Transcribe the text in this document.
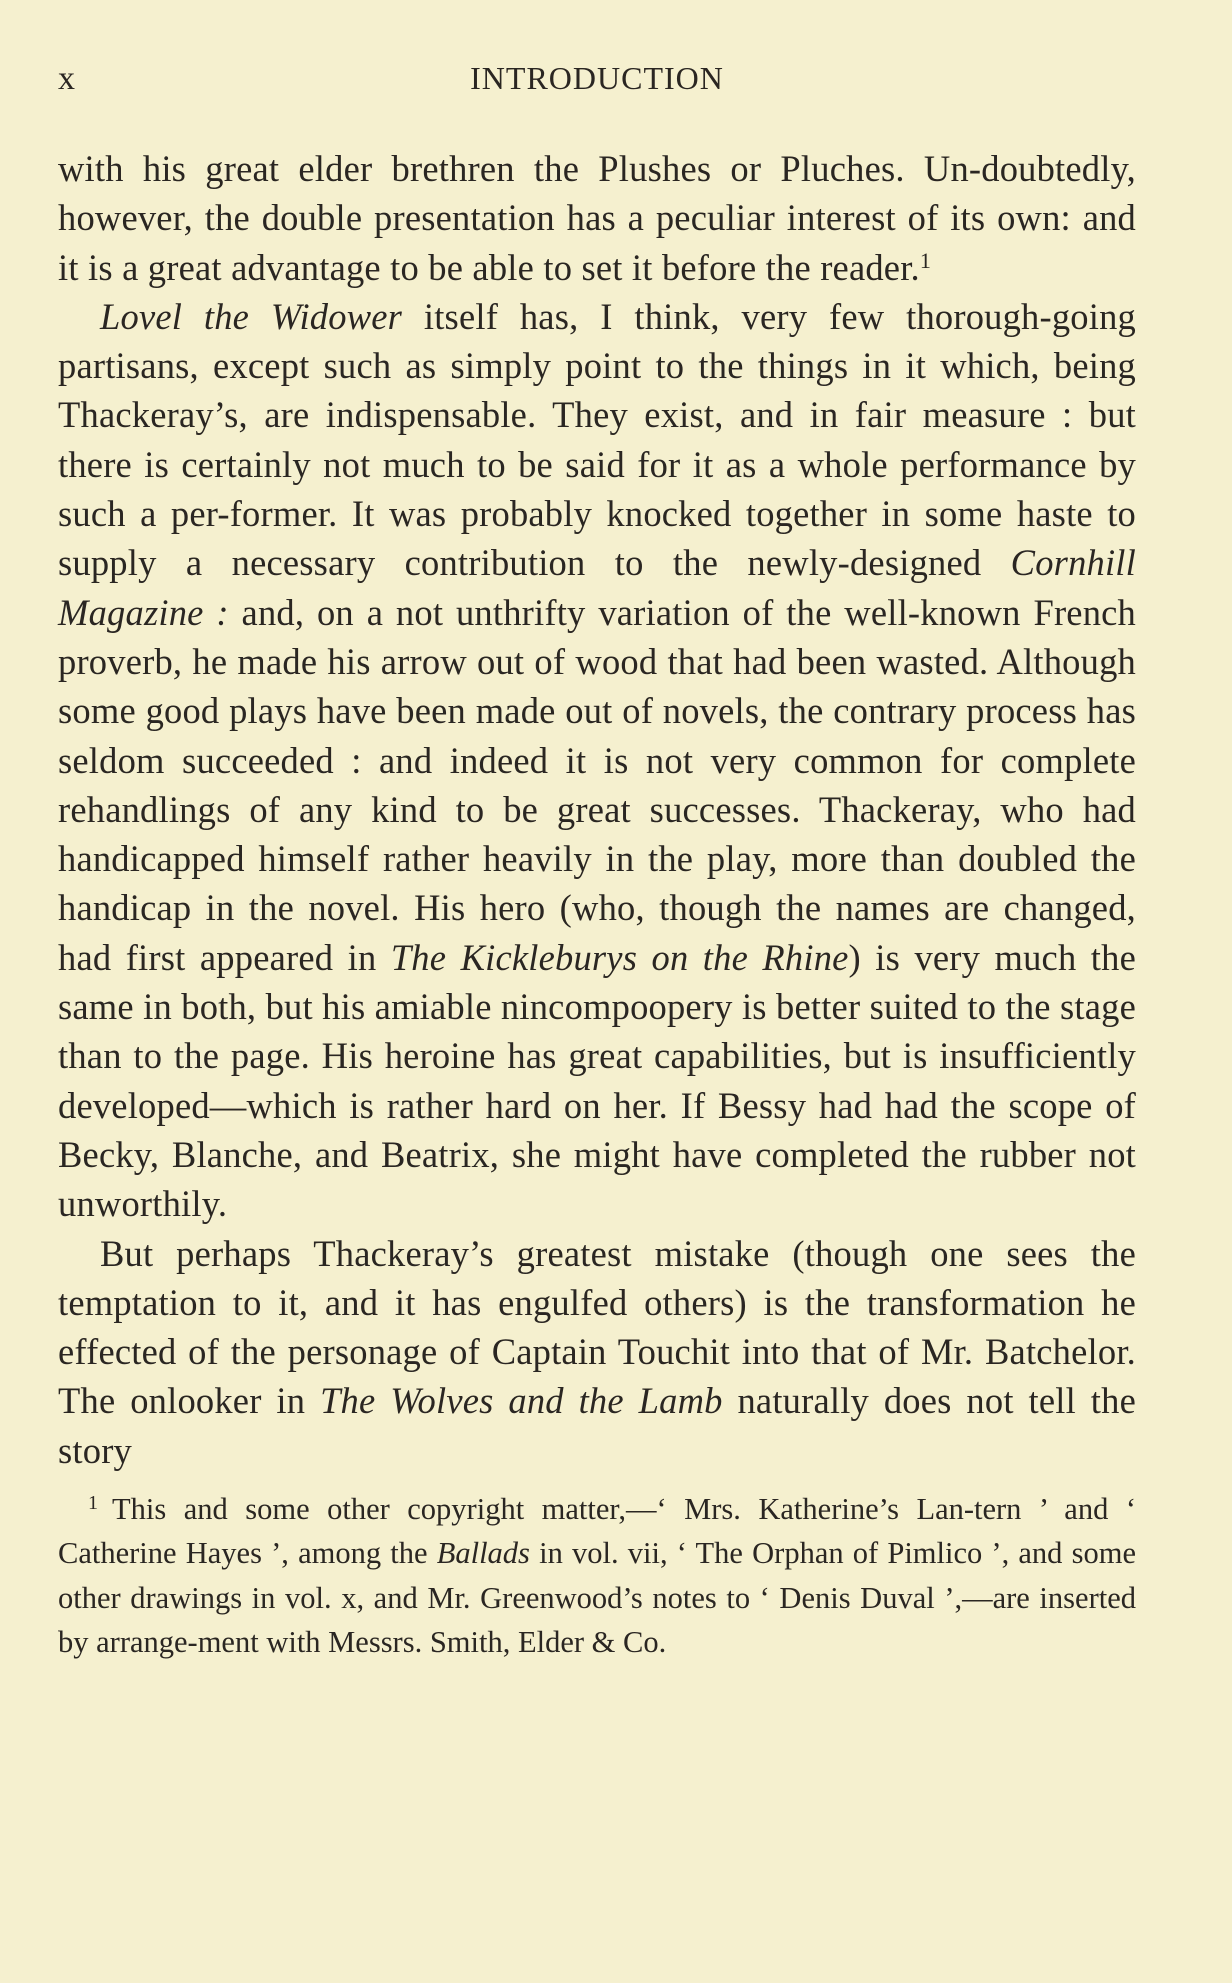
x	INTRODUCTION

with his great elder brethren the Plushes or Pluches. Un-doubtedly, however, the double presentation has a peculiar interest of its own: and it is a great advantage to be able to set it before the reader.$^1$

Lovel the Widower itself has, I think, very few thorough-going partisans, except such as simply point to the things in it which, being Thackeray’s, are indispensable. They exist, and in fair measure : but there is certainly not much to be said for it as a whole performance by such a per-former. It was probably knocked together in some haste to supply a necessary contribution to the newly-designed Cornhill Magazine : and, on a not unthrifty variation of the well-known French proverb, he made his arrow out of wood that had been wasted. Although some good plays have been made out of novels, the contrary process has seldom succeeded : and indeed it is not very common for complete rehandlings of any kind to be great successes. Thackeray, who had handicapped himself rather heavily in the play, more than doubled the handicap in the novel. His hero (who, though the names are changed, had first appeared in The Kickleburys on the Rhine) is very much the same in both, but his amiable nincompoopery is better suited to the stage than to the page. His heroine has great capabilities, but is insufficiently developed—which is rather hard on her. If Bessy had had the scope of Becky, Blanche, and Beatrix, she might have completed the rubber not unworthily.

But perhaps Thackeray’s greatest mistake (though one sees the temptation to it, and it has engulfed others) is the transformation he effected of the personage of Captain Touchit into that of Mr. Batchelor. The onlooker in The Wolves and the Lamb naturally does not tell the story

$^1$ This and some other copyright matter,—‘ Mrs. Katherine’s Lan-tern ’ and ‘ Catherine Hayes ’, among the Ballads in vol. vii, ‘ The Orphan of Pimlico ’, and some other drawings in vol. x, and Mr. Greenwood’s notes to ‘ Denis Duval ’,—are inserted by arrange-ment with Messrs. Smith, Elder & Co.
